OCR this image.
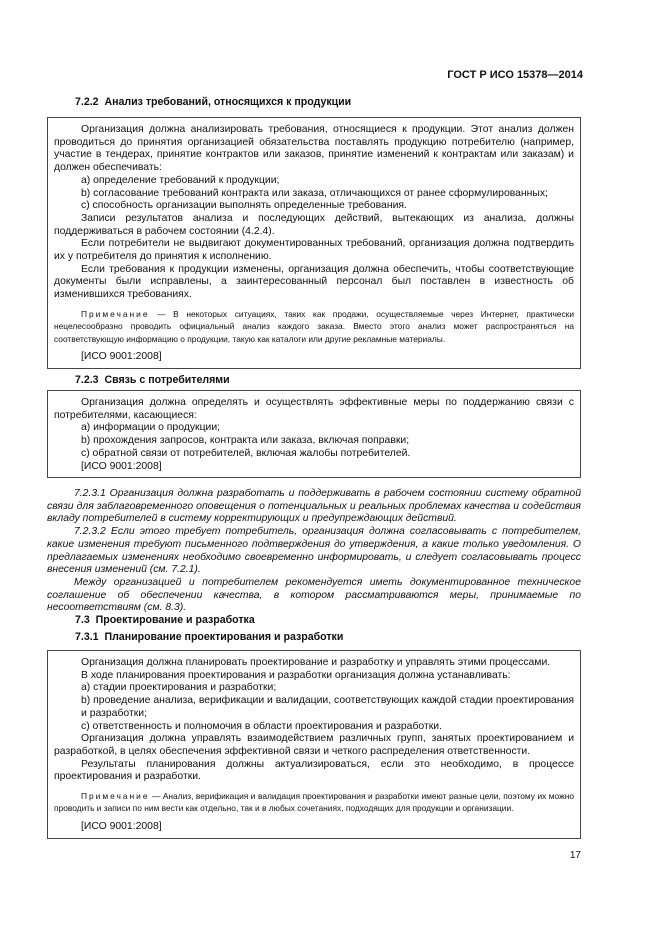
ГОСТ Р ИСО 15378—2014
7.2.2 Анализ требований, относящихся к продукции

Организация должна анализировать требования, относящиеся к продукции. Этот анализ должен проводиться до принятия организацией обязательства поставлять продукцию потребителю (например, участие в тендерах, принятие контрактов или заказов, принятие изменений к контрактам или заказам) и должен обеспечивать:

a) определение требований к продукции;

b) согласование требований контракта или заказа, отличающихся от ранее сформулированных;

c) способность организации выполнять определенные требования.

Записи результатов анализа и последующих действий, вытекающих из анализа, должны поддерживаться в рабочем состоянии (4.2.4).

Если потребители не выдвигают документированных требований, организация должна подтвердить их у потребителя до принятия к исполнению.

Если требования к продукции изменены, организация должна обеспечить, чтобы соответствующие документы были исправлены, а заинтересованный персонал был поставлен в известность об изменившихся требованиях.

Примечание — В некоторых ситуациях, таких как продажи, осуществляемые через Интернет, практически нецелесообразно проводить официальный анализ каждого заказа. Вместо этого анализ может распространяться на соответствующую информацию о продукции, такую как каталоги или другие рекламные материалы.

[ИСО 9001:2008]

7.2.3 Связь с потребителями

Организация должна определять и осуществлять эффективные меры по поддержанию связи с потребителями, касающиеся:

a) информации о продукции;

b) прохождения запросов, контракта или заказа, включая поправки;

c) обратной связи от потребителей, включая жалобы потребителей.

[ИСО 9001:2008]

7.2.3.1 Организация должна разработать и поддерживать в рабочем состоянии систему обратной связи для заблаговременного оповещения о потенциальных и реальных проблемах качества и содействия вкладу потребителей в систему корректирующих и предупреждающих действий.

7.2.3.2 Если этого требует потребитель, организация должна согласовывать с потребителем, какие изменения требуют письменного подтверждения до утверждения, а какие только уведомления. О предлагаемых изменениях необходимо своевременно информировать, и следует согласовывать процесс внесения изменений (см. 7.2.1).

Между организацией и потребителем рекомендуется иметь документированное техническое соглашение об обеспечении качества, в котором рассматриваются меры, принимаемые по несоответствиям (см. 8.3).

7.3 Проектирование и разработка
7.3.1 Планирование проектирования и разработки

Организация должна планировать проектирование и разработку и управлять этими процессами.

В ходе планирования проектирования и разработки организация должна устанавливать:

a) стадии проектирования и разработки;

b) проведение анализа, верификации и валидации, соответствующих каждой стадии проектирования и разработки;

c) ответственность и полномочия в области проектирования и разработки.

Организация должна управлять взаимодействием различных групп, занятых проектированием и разработкой, в целях обеспечения эффективной связи и четкого распределения ответственности.

Результаты планирования должны актуализироваться, если это необходимо, в процессе проектирования и разработки.

Примечание — Анализ, верификация и валидация проектирования и разработки имеют разные цели, поэтому их можно проводить и записи по ним вести как отдельно, так и в любых сочетаниях, подходящих для продукции и организации.

[ИСО 9001:2008]

17
